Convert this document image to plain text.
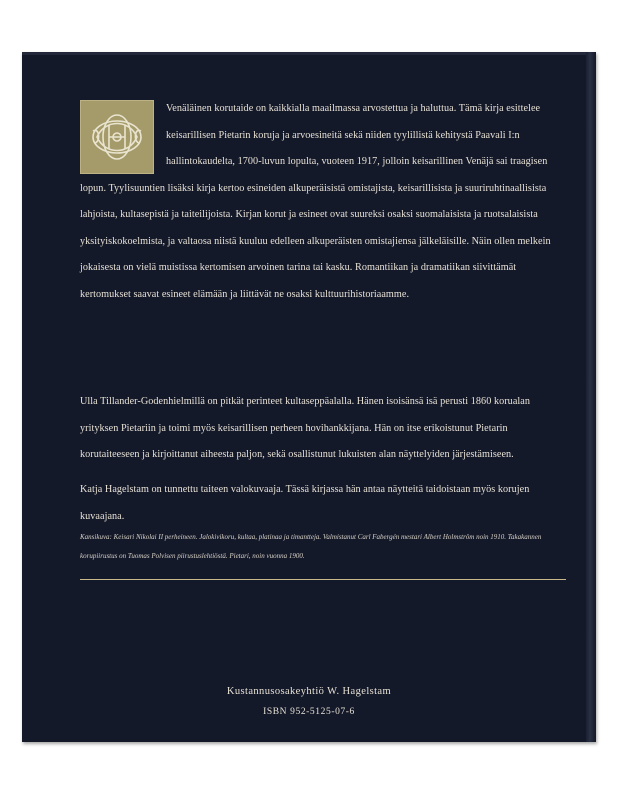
Venäläinen korutaide on kaikkialla maailmassa arvostettua ja haluttua. Tämä kirja esittelee keisarillisen Pietarin koruja ja arvoesineitä sekä niiden tyylillistä kehitystä Paavali I:n hallintokaudelta, 1700-luvun lopulta, vuoteen 1917, jolloin keisarillinen Venäjä sai traagisen lopun. Tyylisuuntien lisäksi kirja kertoo esineiden alkuperäisistä omistajista, keisarillisista ja suuriruhtinaallisista lahjoista, kultasepistä ja taiteilijoista. Kirjan korut ja esineet ovat suureksi osaksi suomalaisista ja ruotsalaisista yksityiskokoelmista, ja valtaosa niistä kuuluu edelleen alkuperäisten omistajiensa jälkeläisille. Näin ollen melkein jokaisesta on vielä muistissa kertomisen arvoinen tarina tai kasku. Romantiikan ja dramatiikan siivittämät kertomukset saavat esineet elämään ja liittävät ne osaksi kulttuurihistoriaamme.
Ulla Tillander-Godenhielmillä on pitkät perinteet kultaseppäalalla. Hänen isoisänsä isä perusti 1860 korualan yrityksen Pietariin ja toimi myös keisarillisen perheen hovihankkijana. Hän on itse erikoistunut Pietarin korutaiteeseen ja kirjoittanut aiheesta paljon, sekä osallistunut lukuisten alan näyttelyiden järjestämiseen.
Katja Hagelstam on tunnettu taiteen valokuvaaja. Tässä kirjassa hän antaa näytteitä taidoistaan myös korujen kuvaajana.
Kansikuva: Keisari Nikolai II perheineen. Jalokivikoru, kultaa, platinaa ja timantteja. Valmistanut Carl Fabergén mestari Albert Holmström noin 1910. Takakannen korupiirustus on Tuomas Polvisen piirustuslehtiöstä. Pietari, noin vuonna 1900.
Kustannusosakeyhtiö W. Hagelstam
ISBN 952-5125-07-6
